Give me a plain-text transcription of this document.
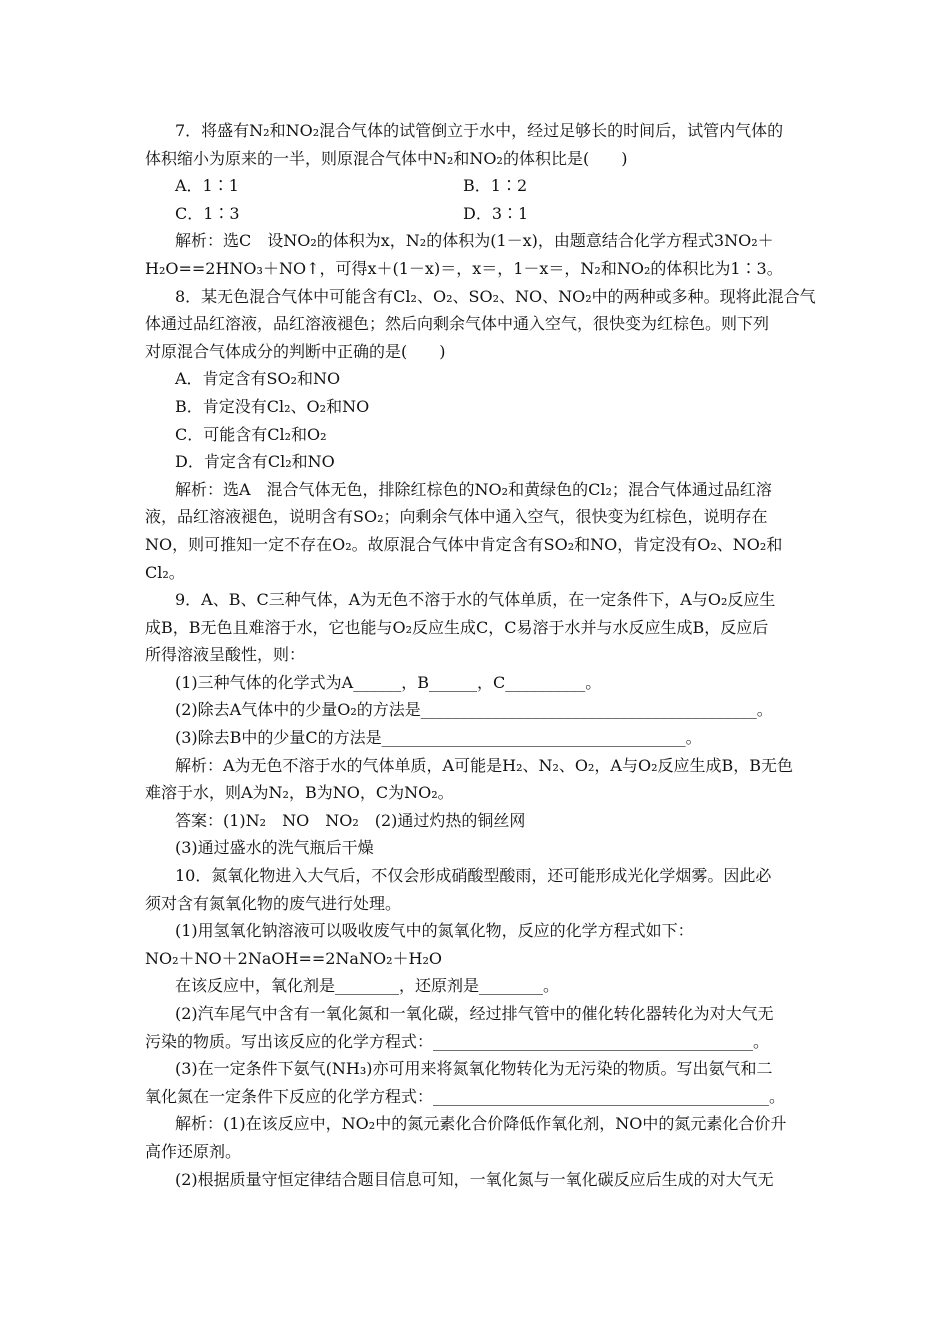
7．将盛有N₂和NO₂混合气体的试管倒立于水中，经过足够长的时间后，试管内气体的

体积缩小为原来的一半，则原混合气体中N₂和NO₂的体积比是(　　)

A．1∶1	B．1∶2
C．1∶3	D．3∶1

解析：选C　设NO₂的体积为x，N₂的体积为(1－x)，由题意结合化学方程式3NO₂＋

H₂O==2HNO₃＋NO↑，可得x＋(1－x)＝，x＝，1－x＝，N₂和NO₂的体积比为1∶3。

8．某无色混合气体中可能含有Cl₂、O₂、SO₂、NO、NO₂中的两种或多种。现将此混合气

体通过品红溶液，品红溶液褪色；然后向剩余气体中通入空气，很快变为红棕色。则下列

对原混合气体成分的判断中正确的是(　　)

A．肯定含有SO₂和NO

B．肯定没有Cl₂、O₂和NO

C．可能含有Cl₂和O₂

D．肯定含有Cl₂和NO

解析：选A　混合气体无色，排除红棕色的NO₂和黄绿色的Cl₂；混合气体通过品红溶

液，品红溶液褪色，说明含有SO₂；向剩余气体中通入空气，很快变为红棕色，说明存在

NO，则可推知一定不存在O₂。故原混合气体中肯定含有SO₂和NO，肯定没有O₂、NO₂和

Cl₂。

9．A、B、C三种气体，A为无色不溶于水的气体单质，在一定条件下，A与O₂反应生

成B，B无色且难溶于水，它也能与O₂反应生成C，C易溶于水并与水反应生成B，反应后

所得溶液呈酸性，则：

(1)三种气体的化学式为A______，B______，C__________。

(2)除去A气体中的少量O₂的方法是__________________________________________。

(3)除去B中的少量C的方法是______________________________________。

解析：A为无色不溶于水的气体单质，A可能是H₂、N₂、O₂，A与O₂反应生成B，B无色

难溶于水，则A为N₂，B为NO，C为NO₂。

答案：(1)N₂　NO　NO₂　(2)通过灼热的铜丝网

(3)通过盛水的洗气瓶后干燥

10．氮氧化物进入大气后，不仅会形成硝酸型酸雨，还可能形成光化学烟雾。因此必

须对含有氮氧化物的废气进行处理。

(1)用氢氧化钠溶液可以吸收废气中的氮氧化物，反应的化学方程式如下：

NO₂＋NO＋2NaOH==2NaNO₂＋H₂O

在该反应中，氧化剂是________，还原剂是________。

(2)汽车尾气中含有一氧化氮和一氧化碳，经过排气管中的催化转化器转化为对大气无

污染的物质。写出该反应的化学方程式：________________________________________。

(3)在一定条件下氨气(NH₃)亦可用来将氮氧化物转化为无污染的物质。写出氨气和二

氧化氮在一定条件下反应的化学方程式：__________________________________________。

解析：(1)在该反应中，NO₂中的氮元素化合价降低作氧化剂，NO中的氮元素化合价升

高作还原剂。

(2)根据质量守恒定律结合题目信息可知，一氧化氮与一氧化碳反应后生成的对大气无
